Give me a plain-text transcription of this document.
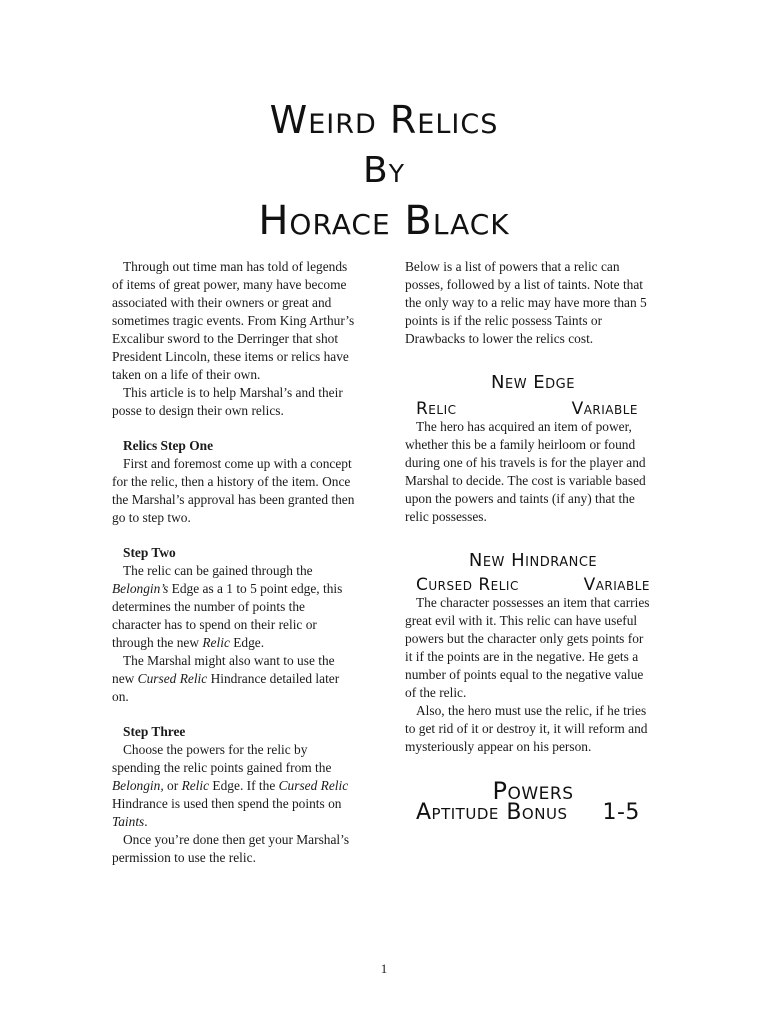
Weird Relics
By
Horace Black

Through out time man has told of legends of items of great power, many have become associated with their owners or great and sometimes tragic events. From King Arthur’s Excalibur sword to the Derringer that shot President Lincoln, these items or relics have taken on a life of their own.

This article is to help Marshal’s and their posse to design their own relics.

Relics Step One

First and foremost come up with a concept for the relic, then a history of the item. Once the Marshal’s approval has been granted then go to step two.

Step Two

The relic can be gained through the Belongin’s Edge as a 1 to 5 point edge, this determines the number of points the character has to spend on their relic or through the new Relic Edge.

The Marshal might also want to use the new Cursed Relic Hindrance detailed later on.

Step Three

Choose the powers for the relic by spending the relic points gained from the Belongin, or Relic Edge. If the Cursed Relic Hindrance is used then spend the points on Taints.

Once you’re done then get your Marshal’s permission to use the relic.

Below is a list of powers that a relic can posses, followed by a list of taints. Note that the only way to a relic may have more than 5 points is if the relic possess Taints or Drawbacks to lower the relics cost.

New Edge

Relic	Variable

The hero has acquired an item of power, whether this be a family heirloom or found during one of his travels is for the player and Marshal to decide. The cost is variable based upon the powers and taints (if any) that the relic possesses.

New Hindrance

Cursed Relic	Variable

The character possesses an item that carries great evil with it. This relic can have useful powers but the character only gets points for it if the points are in the negative. He gets a number of points equal to the negative value of the relic.

Also, the hero must use the relic, if he tries to get rid of it or destroy it, it will reform and mysteriously appear on his person.

Powers

Aptitude Bonus 1-5

1
